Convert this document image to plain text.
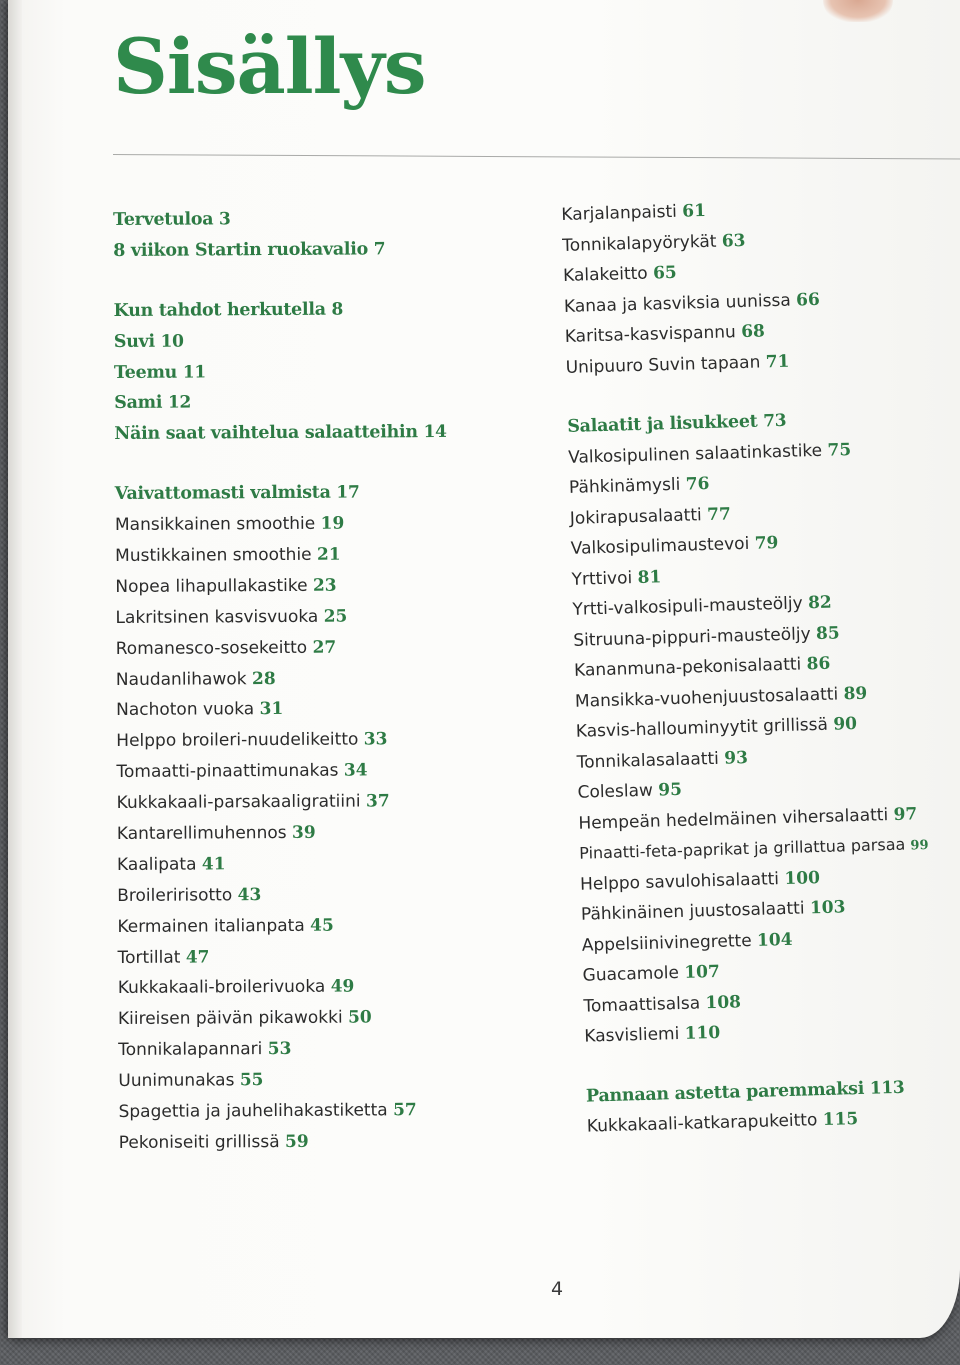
Sisällys
Tervetuloa 3
8 viikon Startin ruokavalio 7
Kun tahdot herkutella 8
Suvi 10
Teemu 11
Sami 12
Näin saat vaihtelua salaatteihin 14
Vaivattomasti valmista 17
Mansikkainen smoothie 19
Mustikkainen smoothie 21
Nopea lihapullakastike 23
Lakritsinen kasvisvuoka 25
Romanesco-sosekeitto 27
Naudanlihawok 28
Nachoton vuoka 31
Helppo broileri-nuudelikeitto 33
Tomaatti-pinaattimunakas 34
Kukkakaali-parsakaaligratiini 37
Kantarellimuhennos 39
Kaalipata 41
Broileririsotto 43
Kermainen italianpata 45
Tortillat 47
Kukkakaali-broilerivuoka 49
Kiireisen päivän pikawokki 50
Tonnikalapannari 53
Uunimunakas 55
Spagettia ja jauhelihakastiketta 57
Pekoniseiti grillissä 59
Karjalanpaisti 61
Tonnikalapyörykät 63
Kalakeitto 65
Kanaa ja kasviksia uunissa 66
Karitsa-kasvispannu 68
Unipuuro Suvin tapaan 71
Salaatit ja lisukkeet 73
Valkosipulinen salaatinkastike 75
Pähkinämysli 76
Jokirapusalaatti 77
Valkosipulimaustevoi 79
Yrttivoi 81
Yrtti-valkosipuli-mausteöljy 82
Sitruuna-pippuri-mausteöljy 85
Kananmuna-pekonisalaatti 86
Mansikka-vuohenjuustosalaatti 89
Kasvis-hallouminyytit grillissä 90
Tonnikalasalaatti 93
Coleslaw 95
Hempeän hedelmäinen vihersalaatti 97
Pinaatti-feta-paprikat ja grillattua parsaa 99
Helppo savulohisalaatti 100
Pähkinäinen juustosalaatti 103
Appelsiinivinegrette 104
Guacamole 107
Tomaattisalsa 108
Kasvisliemi 110
Pannaan astetta paremmaksi 113
Kukkakaali-katkarapukeitto 115
4
